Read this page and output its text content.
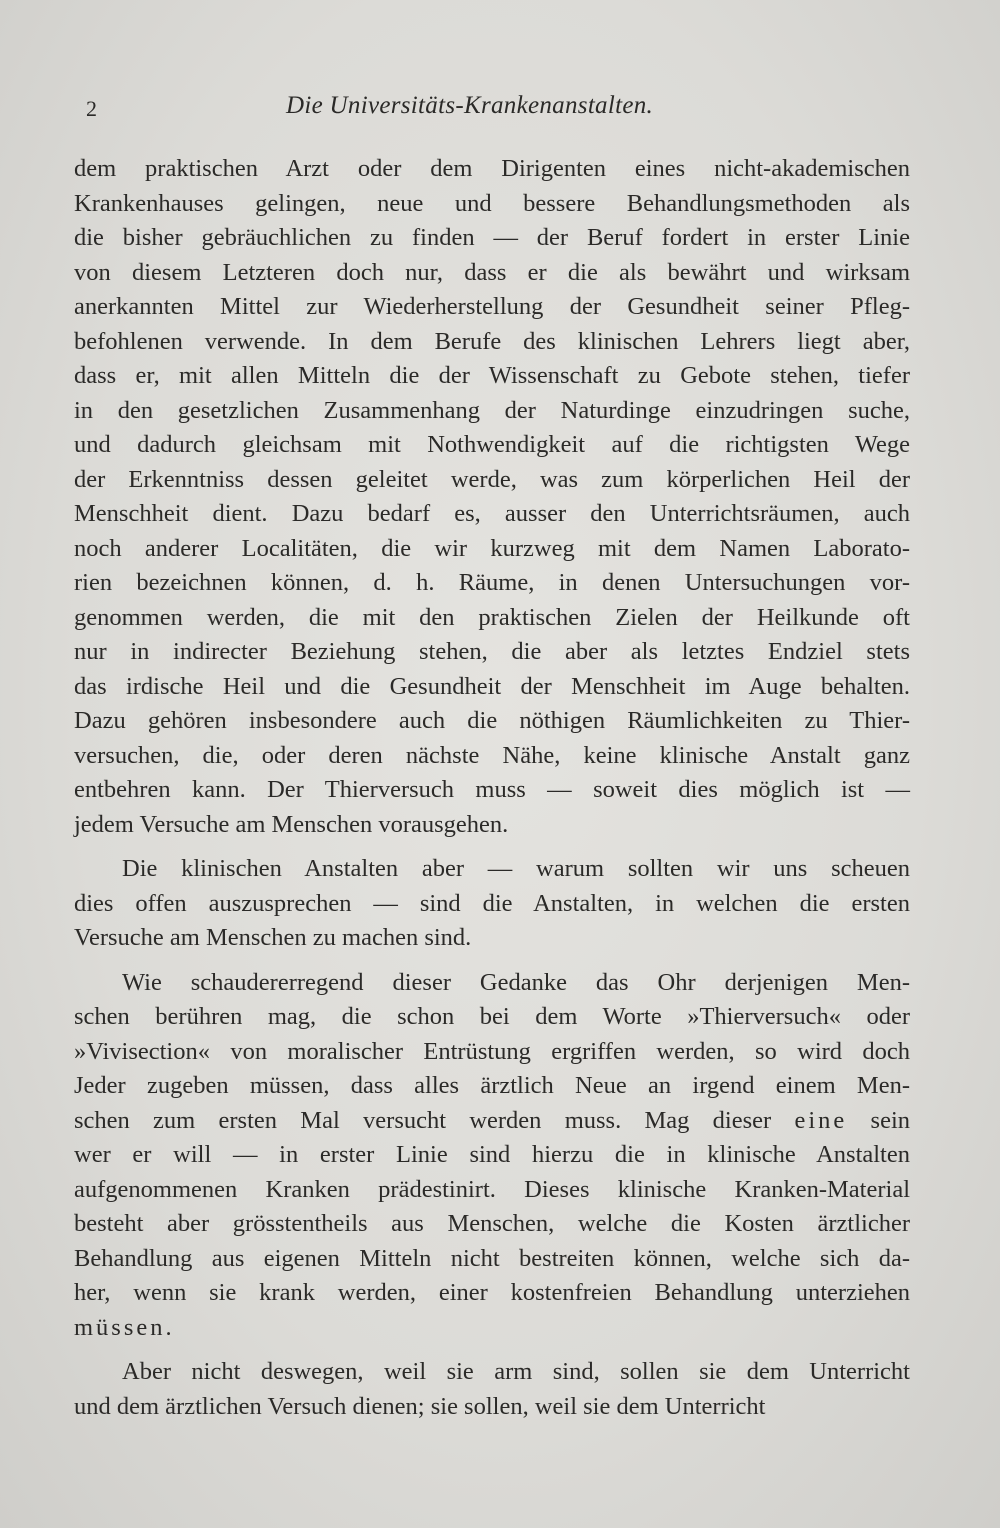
2	Die Universitäts-Krankenanstalten.
dem praktischen Arzt oder dem Dirigenten eines nicht-akademischen
Krankenhauses gelingen, neue und bessere Behandlungsmethoden als
die bisher gebräuchlichen zu finden — der Beruf fordert in erster Linie
von diesem Letzteren doch nur, dass er die als bewährt und wirksam
anerkannten Mittel zur Wiederherstellung der Gesundheit seiner Pfleg-
befohlenen verwende. In dem Berufe des klinischen Lehrers liegt aber,
dass er, mit allen Mitteln die der Wissenschaft zu Gebote stehen, tiefer
in den gesetzlichen Zusammenhang der Naturdinge einzudringen suche,
und dadurch gleichsam mit Nothwendigkeit auf die richtigsten Wege
der Erkenntniss dessen geleitet werde, was zum körperlichen Heil der
Menschheit dient. Dazu bedarf es, ausser den Unterrichtsräumen, auch
noch anderer Localitäten, die wir kurzweg mit dem Namen Laborato-
rien bezeichnen können, d. h. Räume, in denen Untersuchungen vor-
genommen werden, die mit den praktischen Zielen der Heilkunde oft
nur in indirecter Beziehung stehen, die aber als letztes Endziel stets
das irdische Heil und die Gesundheit der Menschheit im Auge behalten.
Dazu gehören insbesondere auch die nöthigen Räumlichkeiten zu Thier-
versuchen, die, oder deren nächste Nähe, keine klinische Anstalt ganz
entbehren kann. Der Thierversuch muss — soweit dies möglich ist —
jedem Versuche am Menschen vorausgehen.
Die klinischen Anstalten aber — warum sollten wir uns scheuen
dies offen auszusprechen — sind die Anstalten, in welchen die ersten
Versuche am Menschen zu machen sind.
Wie schaudererregend dieser Gedanke das Ohr derjenigen Men-
schen berühren mag, die schon bei dem Worte »Thierversuch« oder
»Vivisection« von moralischer Entrüstung ergriffen werden, so wird doch
Jeder zugeben müssen, dass alles ärztlich Neue an irgend einem Men-
schen zum ersten Mal versucht werden muss. Mag dieser eine sein
wer er will — in erster Linie sind hierzu die in klinische Anstalten
aufgenommenen Kranken prädestinirt. Dieses klinische Kranken-Material
besteht aber grösstentheils aus Menschen, welche die Kosten ärztlicher
Behandlung aus eigenen Mitteln nicht bestreiten können, welche sich da-
her, wenn sie krank werden, einer kostenfreien Behandlung unterziehen
müssen.
Aber nicht deswegen, weil sie arm sind, sollen sie dem Unterricht
und dem ärztlichen Versuch dienen; sie sollen, weil sie dem Unterricht
